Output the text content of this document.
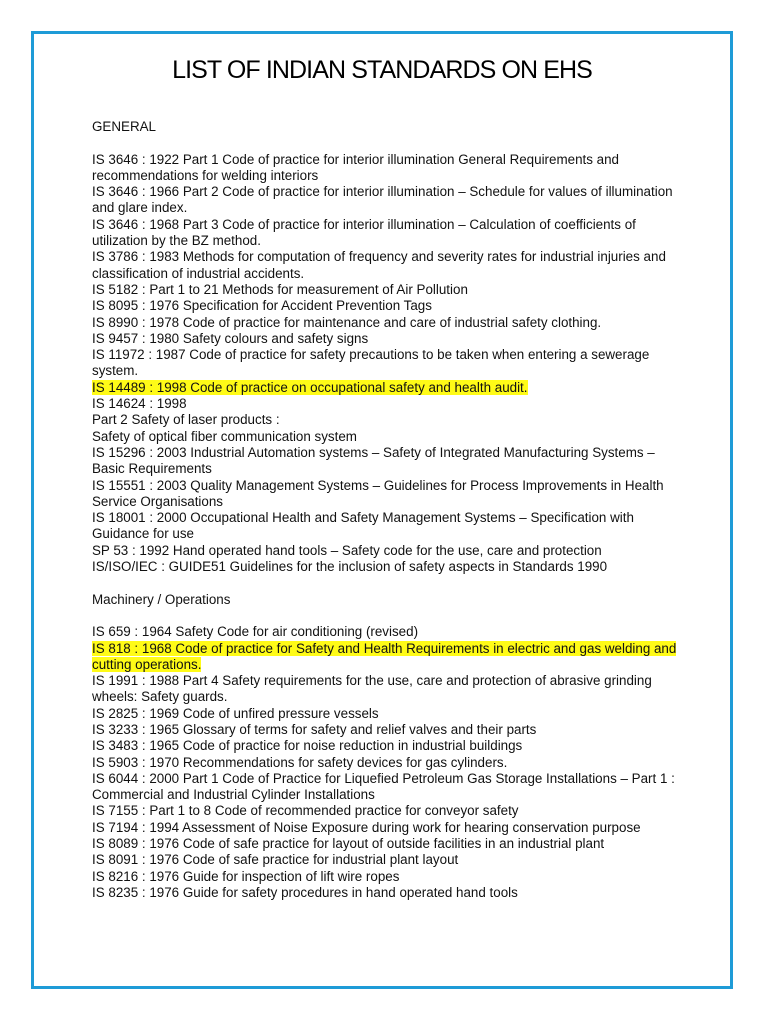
LIST OF INDIAN STANDARDS ON EHS

GENERAL

IS 3646 : 1922 Part 1 Code of practice for interior illumination General Requirements and recommendations for welding interiors

IS 3646 : 1966 Part 2 Code of practice for interior illumination – Schedule for values of illumination and glare index.

IS 3646 : 1968 Part 3 Code of practice for interior illumination – Calculation of coefficients of utilization by the BZ method.

IS 3786 : 1983 Methods for computation of frequency and severity rates for industrial injuries and classification of industrial accidents.

IS 5182 : Part 1 to 21 Methods for measurement of Air Pollution

IS 8095 : 1976 Specification for Accident Prevention Tags

IS 8990 : 1978 Code of practice for maintenance and care of industrial safety clothing.

IS 9457 : 1980 Safety colours and safety signs

IS 11972 : 1987 Code of practice for safety precautions to be taken when entering a sewerage system.

IS 14489 : 1998 Code of practice on occupational safety and health audit.

IS 14624 : 1998

Part 2 Safety of laser products :

Safety of optical fiber communication system

IS 15296 : 2003 Industrial Automation systems – Safety of Integrated Manufacturing Systems – Basic Requirements

IS 15551 : 2003 Quality Management Systems – Guidelines for Process Improvements in Health Service Organisations

IS 18001 : 2000 Occupational Health and Safety Management Systems – Specification with Guidance for use

SP 53 : 1992 Hand operated hand tools – Safety code for the use, care and protection

IS/ISO/IEC : GUIDE51 Guidelines for the inclusion of safety aspects in Standards 1990

Machinery / Operations

IS 659 : 1964 Safety Code for air conditioning (revised)

IS 818 : 1968 Code of practice for Safety and Health Requirements in electric and gas welding and cutting operations.

IS 1991 : 1988 Part 4 Safety requirements for the use, care and protection of abrasive grinding wheels: Safety guards.

IS 2825 : 1969 Code of unfired pressure vessels

IS 3233 : 1965 Glossary of terms for safety and relief valves and their parts

IS 3483 : 1965 Code of practice for noise reduction in industrial buildings

IS 5903 : 1970 Recommendations for safety devices for gas cylinders.

IS 6044 : 2000 Part 1 Code of Practice for Liquefied Petroleum Gas Storage Installations – Part 1 : Commercial and Industrial Cylinder Installations

IS 7155 : Part 1 to 8 Code of recommended practice for conveyor safety

IS 7194 : 1994 Assessment of Noise Exposure during work for hearing conservation purpose

IS 8089 : 1976 Code of safe practice for layout of outside facilities in an industrial plant

IS 8091 : 1976 Code of safe practice for industrial plant layout

IS 8216 : 1976 Guide for inspection of lift wire ropes

IS 8235 : 1976 Guide for safety procedures in hand operated hand tools
